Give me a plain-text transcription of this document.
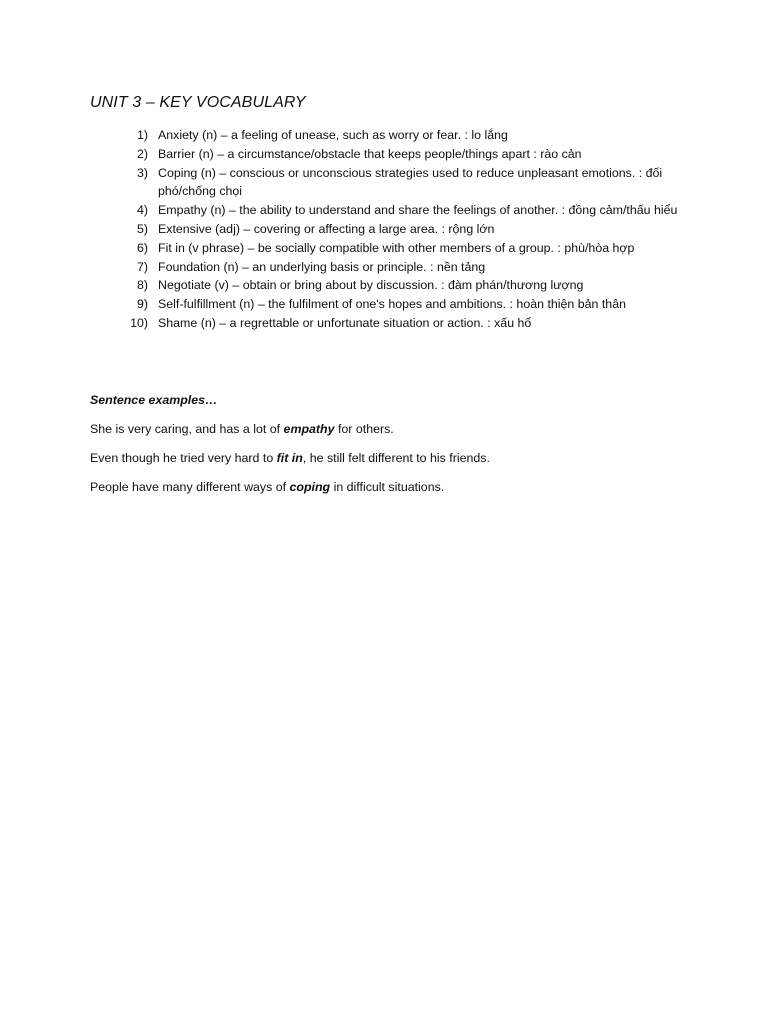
UNIT 3 – KEY VOCABULARY
1) Anxiety (n) – a feeling of unease, such as worry or fear. : lo lắng
2) Barrier (n) – a circumstance/obstacle that keeps people/things apart : rào cản
3) Coping (n) – conscious or unconscious strategies used to reduce unpleasant emotions. : đối phó/chống chọi
4) Empathy (n) – the ability to understand and share the feelings of another. : đồng cảm/thấu hiểu
5) Extensive (adj) – covering or affecting a large area. : rộng lớn
6) Fit in (v phrase) – be socially compatible with other members of a group. : phù/hòa hợp
7) Foundation (n) – an underlying basis or principle. : nền tảng
8) Negotiate (v) – obtain or bring about by discussion. : đàm phán/thương lượng
9) Self-fulfillment (n) – the fulfilment of one's hopes and ambitions. : hoàn thiện bản thân
10) Shame (n) – a regrettable or unfortunate situation or action. : xấu hổ
Sentence examples…

She is very caring, and has a lot of empathy for others.

Even though he tried very hard to fit in, he still felt different to his friends.

People have many different ways of coping in difficult situations.
